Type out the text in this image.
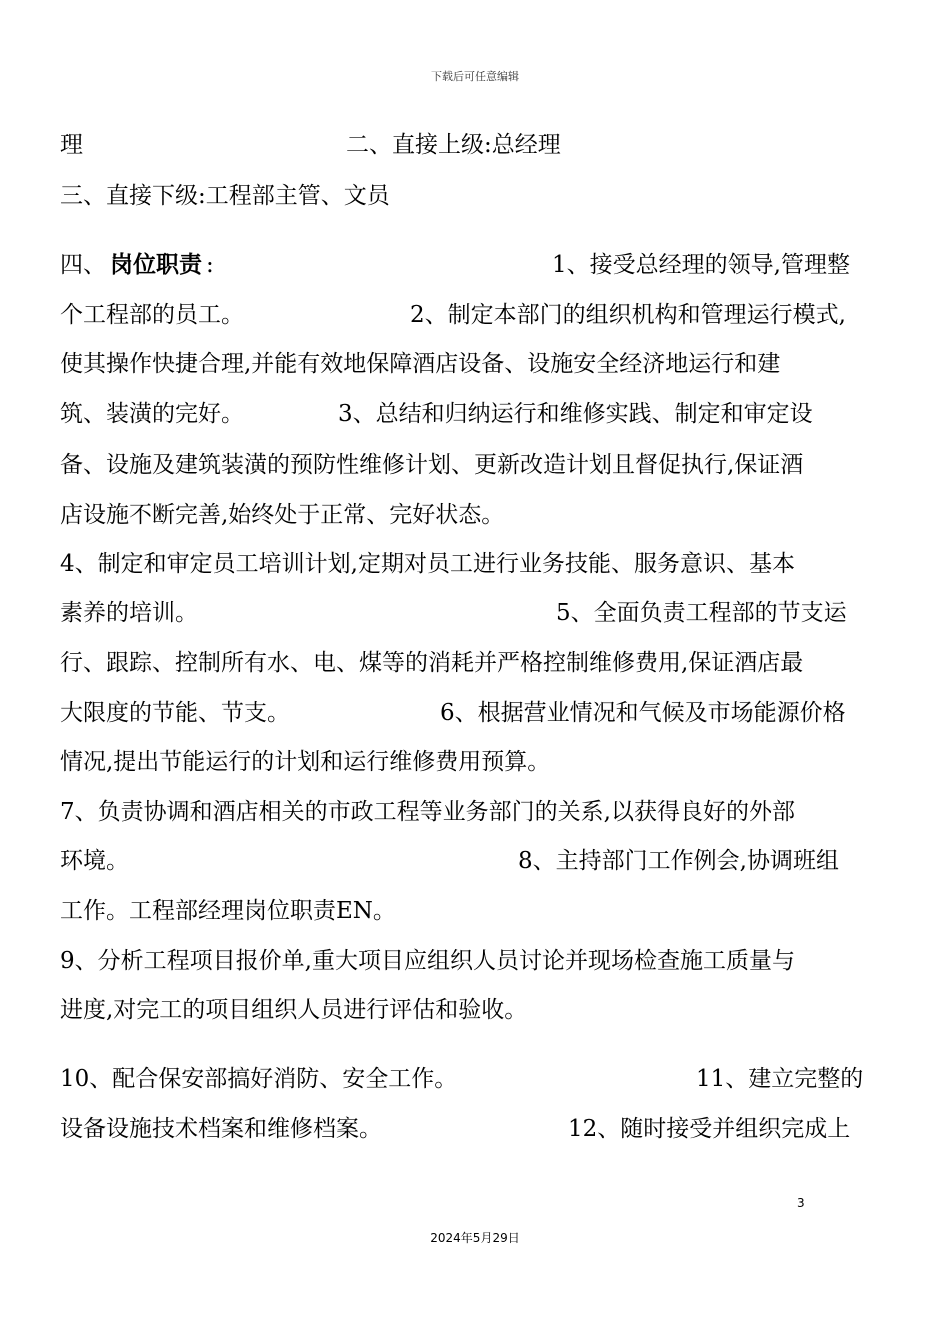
下载后可任意编辑
理	二、直接上级:总经理
三、直接下级:工程部主管、文员
四、 岗位职责 :	1、接受总经理的领导,管理整
个工程部的员工。	2、制定本部门的组织机构和管理运行模式,
使其操作快捷合理,并能有效地保障酒店设备、设施安全经济地运行和建
筑、装潢的完好。	3、总结和归纳运行和维修实践、制定和审定设
备、设施及建筑装潢的预防性维修计划、更新改造计划且督促执行,保证酒
店设施不断完善,始终处于正常、完好状态。
4、制定和审定员工培训计划,定期对员工进行业务技能、服务意识、基本
素养的培训。	5、全面负责工程部的节支运
行、跟踪、控制所有水、电、煤等的消耗并严格控制维修费用,保证酒店最
大限度的节能、节支。	6、根据营业情况和气候及市场能源价格
情况,提出节能运行的计划和运行维修费用预算。
7、负责协调和酒店相关的市政工程等业务部门的关系,以获得良好的外部
环境。	8、主持部门工作例会,协调班组
工作。工程部经理岗位职责EN。
9、分析工程项目报价单,重大项目应组织人员讨论并现场检查施工质量与
进度,对完工的项目组织人员进行评估和验收。
10、配合保安部搞好消防、安全工作。	11、建立完整的
设备设施技术档案和维修档案。	12、随时接受并组织完成上
3
2024年5月29日
